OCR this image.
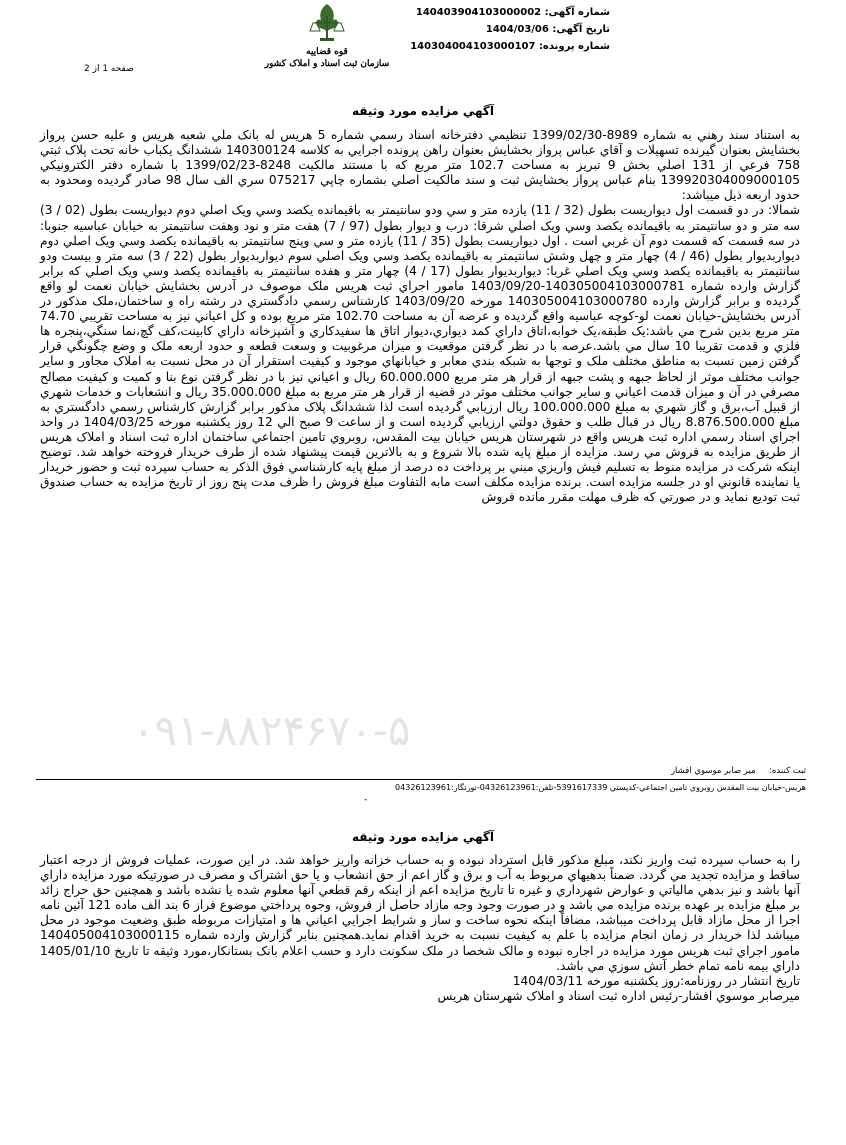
شماره آگهی: 140403904103000002
تاریخ آگهی: 1404/03/06
شماره پرونده: 140304004103000107
قوه قضاییه
سازمان ثبت اسناد و املاک کشور
صفحه 1 از 2
آگهي مزايده مورد وثيقه
به استناد سند رهني به شماره 8989-1399/02/30 تنظيمي دفترخانه اسناد رسمي شماره 5 هريس له بانک ملي شعبه هريس و عليه حسن پرواز بخشايش بعنوان گيرنده تسهيلات و آقاي عباس پرواز بخشايش بعنوان راهن پرونده اجرايي به کلاسه 140300124 ششدانگ يکباب خانه تحت پلاک ثبتي 758 فرعي از 131 اصلي بخش 9 تبريز به مساحت 102.7 متر مربع که با مستند مالکيت 8248-1399/02/23 با شماره دفتر الکترونيکي 139920304009000105 بنام عباس پرواز بخشايش ثبت و سند مالکيت اصلي بشماره چاپي 075217 سري الف سال 98 صادر گرديده ومحدود به حدود اربعه ذيل ميباشد:
شمالا: در دو قسمت اول ديواريست بطول (32 / 11) يازده متر و سي ودو سانتيمتر به باقيمانده يکصد وسي ويک اصلي دوم ديواريست بطول (02 / 3) سه متر و دو سانتيمتر به باقيمانده يکصد وسي ويک اصلي شرقا: درب و ديوار بطول (97 / 7) هفت متر و نود وهفت سانتيمتر به خيابان عباسيه جنوبا: در سه قسمت که قسمت دوم آن غربي است . اول ديواريست بطول (35 / 11) يازده متر و سي وپنج سانتيمتر به باقيمانده يکصد وسي ويک اصلي دوم ديواربديوار بطول (46 / 4) چهار متر و چهل وشش سانتيمتر به باقيمانده يکصد وسي ويک اصلي سوم ديواربديوار بطول (22 / 3) سه متر و بيست ودو سانتيمتر به باقيمانده يکصد وسي ويک اصلي غربا: ديواربديوار بطول (17 / 4) چهار متر و هفده سانتيمتر به باقيمانده يکصد وسي ويک اصلي که برابر گزارش وارده شماره 140305004103000781-1403/09/20 مامور اجراي ثبت هريس ملک موصوف در آدرس بخشايش خيابان نعمت لو واقع گرديده و برابر گزارش وارده 140305004103000780 مورخه 1403/09/20 کارشناس رسمي دادگستري در رشته راه و ساختمان،ملک مذکور در آدرس بخشايش-خيابان نعمت لو-کوچه عباسيه واقع گرديده و عرصه آن به مساحت 102.70 متر مربع بوده و کل اعياني نيز به مساحت تقريبي 74.70 متر مربع بدين شرح مي باشد:يک طبقه،يک خوابه،اتاق داراي کمد ديواري،ديوار اتاق ها سفيدکاري و آشپزخانه داراي کابينت،کف گچ،نما سنگي،پنجره ها فلزي و قدمت تقريبا 10 سال مي باشد.عرصه با در نظر گرفتن موقعيت و ميزان مرغوبيت و وسعت قطعه و حدود اربعه ملک و وضع چگونگي قرار گرفتن زمين نسبت به مناطق مختلف ملک و توجها به شبکه بندي معابر و خيابانهاي موجود و کيفيت استقرار آن در محل نسبت به املاک مجاور و ساير جوانب مختلف موثر از لحاظ جبهه و پشت جبهه از قرار هر متر مربع 60.000.000 ريال و اعياني نيز با در نظر گرفتن نوع بنا و کميت و کيفيت مصالح مصرفي در آن و ميزان قدمت اعياني و ساير جوانب مختلف موثر در قضيه از قرار هر متر مربع به مبلغ 35.000.000 ريال و انشعابات و خدمات شهري از قبيل آب،برق و گاز شهري به مبلغ 100.000.000 ريال ارزيابي گرديده است لذا ششدانگ پلاک مذکور برابر گزارش کارشناس رسمي دادگستري به مبلغ 8.876.500.000 ريال در قبال طلب و حقوق دولتي ارزيابي گرديده است و از ساعت 9 صبح الي 12 روز يکشنبه مورخه 1404/03/25 در واحد اجراي اسناد رسمي اداره ثبت هريس واقع در شهرستان هريس خيابان بيت المقدس، روبروي تامين اجتماعي ساختمان اداره ثبت اسناد و املاک هريس از طريق مزايده به فروش مي رسد. مزايده از مبلغ پايه شده بالا شروع و به بالاترين قيمت پيشنهاد شده از طرف خريدار فروخته خواهد شد. توضيح اينکه شرکت در مزايده منوط به تسليم فيش واريزي مبني بر پرداخت ده درصد از مبلغ پايه کارشناسي فوق الذکر به حساب سپرده ثبت و حضور خريدار يا نماينده قانوني او در جلسه مزايده است. برنده مزايده مکلف است مابه التفاوت مبلغ فروش را ظرف مدت پنج روز از تاريخ مزايده به حساب صندوق ثبت توديع نمايد و در صورتي که ظرف مهلت مقرر مانده فروش
۰۹۱-۸۸۲۴۶۷۰-۵
ثبت كننده:     مير صابر موسوي افشار
هريس-خيابان بيت المقدس روبروي تامين اجتماعي-کدپستي 5391617339-تلفن:04326123961-نورنگار:04326123961
-
آگهي مزايده مورد وثيقه
را به حساب سپرده ثبت واريز نکند، مبلغ مذکور قابل استرداد نبوده و به حساب خزانه واريز خواهد شد. در اين صورت، عمليات فروش از درجه اعتبار ساقط و مزايده تجديد مي گردد. ضمناً بدهيهاي مربوط به آب و برق و گاز اعم از حق انشعاب و يا حق اشتراک و مصرف در صورتيکه مورد مزايده داراي آنها باشد و نيز بدهي مالياتي و عوارض شهرداري و غيره تا تاريخ مزايده اعم از اينکه رقم قطعي آنها معلوم شده يا نشده باشد و همچنين حق حراج زائد بر مبلغ مزايده بر عهده برنده مزايده مي باشد و در صورت وجود وجه مازاد حاصل از فروش، وجوه پرداختي موضوع فراز 6 بند الف ماده 121 آئين نامه اجرا از محل مازاد قابل پرداخت ميباشد، مضافاً اينکه نحوه ساخت و ساز و شرايط اجرايي اعياني ها و امتيازات مربوطه طبق وضعيت موجود در محل ميباشد لذا خريدار در زمان انجام مزايده با علم به کيفيت نسبت به خريد اقدام نمايد.همچنين بنابر گزارش وارده شماره 140405004103000115 مامور اجراي ثبت هريس مورد مزايده در اجاره نبوده و مالک شخصا در ملک سکونت دارد و حسب اعلام بانک بستانکار،مورد وثيقه تا تاريخ 1405/01/10 داراي بيمه نامه تمام خطر آتش سوزي مي باشد.
تاريخ انتشار در روزنامه:روز يکشنبه مورخه 1404/03/11
ميرصابر موسوي افشار-رئيس اداره ثبت اسناد و املاک شهرستان هريس
